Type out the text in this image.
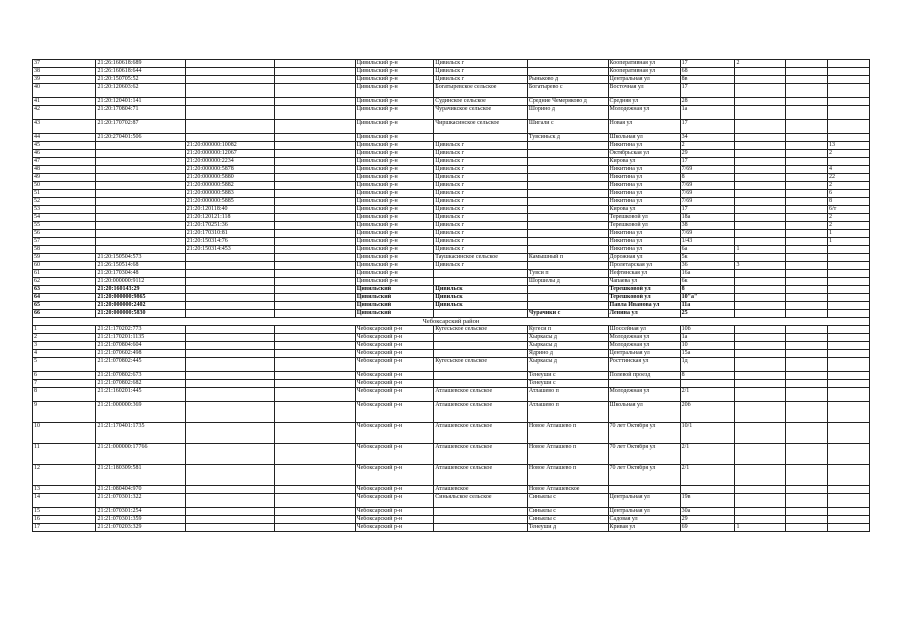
37	21:26:160618:689			Цивильский р-н	Цивильск г		Кооперативная ул	17	2		
38	21:26:160618:644			Цивильский р-н	Цивильск г		Кооперативная ул	68			
39	21:20:150705:52			Цивильский р-н	Цивильск г	Рыньково д	Центральная ул	8в			
40	21:20:120603:62			Цивильский р-н	Богатыревское сельское	Богатырево с	Восточная ул	17			
41	21:20:120401:141			Цивильский р-н	Судинское сельское	Средние Чемеряково д	Средняя ул	28			
42	21:20:170804:71			Цивильский р-н	Чурачикское сельское	Шорино д	Молодежная ул	1а			
43	21:20:170702:87			Цивильский р-н	Чиршкасинское сельское	Шигали с	Новая ул	17			
44	21:20:270401:506			Цивильский р-н		Тувсиньск д	Школьная ул	34			
45		21:20:000000:10082		Цивильский р-н	Цивильск г		Никитина ул	2			13
46		21:20:000000:12067		Цивильский р-н	Цивильск г		Октябрьская ул	29			2
47		21:20:000000:2234		Цивильский р-н	Цивильск г		Кирова ул	17			
48		21:20:000000:5878		Цивильский р-н	Цивильск г		Никитина ул	7/69			4
49		21:20:000000:5880		Цивильский р-н	Цивильск г		Никитина ул	8			22
50		21:20:000000:5882		Цивильский р-н	Цивильск г		Никитина ул	7/69			2
51		21:20:000000:5883		Цивильский р-н	Цивильск г		Никитина ул	7/69			6
52		21:20:000000:5885		Цивильский р-н	Цивильск г		Никитина ул	7/69			8
53		21:20:120118:40		Цивильский р-н	Цивильск г		Кирова ул	17			6/т
54		21:20:120121:118		Цивильский р-н	Цивильск г		Терешковой ул	18а			2
55		21:20:170251:36		Цивильский р-н	Цивильск г		Терешковой ул	38			2
56		21:20:170310:81		Цивильский р-н	Цивильск г		Никитина ул	7/69			1
57		21:20:150314:76		Цивильский р-н	Цивильск г		Никитина ул	1/43			1
58		21:20:150314:453		Цивильский р-н	Цивильск г		Никитина ул	6а	1		
59	21:20:150504:573			Цивильский р-н	Таушкасинское сельское	Камышный п	Дорожная ул	5к			
60	21:26:150514:68			Цивильский р-н	Цивильск г		Пролетарская ул	36	3		
61	21:20:170304:48			Цивильский р-н		Тувси п	Нефтянская ул	16а			
62	21:20:000000:9112			Цивильский р-н		Шоршелы д	Чапаева ул	6к			
63	21:20:160143:29			Цивильский	Цивильск		Терешковой ул	8			
64	21:20:000000:9865			Цивильский	Цивильск		Терешковой ул	10"а"			
65	21:20:000000:2402			Цивильский	Цивильск		Павла Иванова ул	11а			
66	21:20:000000:5830			Цивильский		Чурачики с	Ленина ул	25			
Чебоксарский район											
1	21:21:170202:773			Чебоксарский р-н	Кугесьское сельское	Кугеси п	Шоссейная ул	10б			
2	21:21:170201:1135			Чебоксарский р-н		Хыркасы д	Молодежная ул	1а			
3	21:21:070804:604			Чебоксарский р-н		Хыркасы д	Молодежная ул	10			
4	21:21:070602:498			Чебоксарский р-н		Ядрино д	Центральная ул	15а			
5	21:21:070802:445			Чебоксарский р-н	Кугесьское сельское	Хыркасы д	Росттинская ул	1д			
6	21:21:070802:673			Чебоксарский р-н		Тенеуши с	Полевой проезд	8			
7	21:21:070802:682			Чебоксарский р-н		Тенеуши с					
8	21:21:160201:445			Чебоксарский р-н	Атлашевское сельское	Атлашево п	Молодежная ул	2/1			
9	21:21:000000:369			Чебоксарский р-н	Атлашевское сельское	Атлашево п	Школьная ул	20б			
10	21:21:170401:1735			Чебоксарский р-н	Атлашевское сельское	Новое Атлашево п	70 лет Октября ул	10/1			
11	21:21:000000:17766			Чебоксарский р-н	Атлашевское сельское	Новое Атлашево п	70 лет Октября ул	2/1			
12	21:21:180309:581			Чебоксарский р-н	Атлашевское сельское	Новое Атлашево п	70 лет Октября ул	2/1			
13	21:21:080404:970			Чебоксарский р-н	Атлашевское	Новое Атлашевское					
14	21:21:070301:322			Чебоксарский р-н	Синьяльское сельское	Синьялы с	Центральная ул	19в			
15	21:21:070301:254			Чебоксарский р-н		Синьялы с	Центральная ул	30а			
16	21:21:070301:359			Чебоксарский р-н		Синьялы с	Садовая ул	29			
17	21:21:070203:329			Чебоксарский р-н		Тенеуши д	Кривая ул	69	1		
